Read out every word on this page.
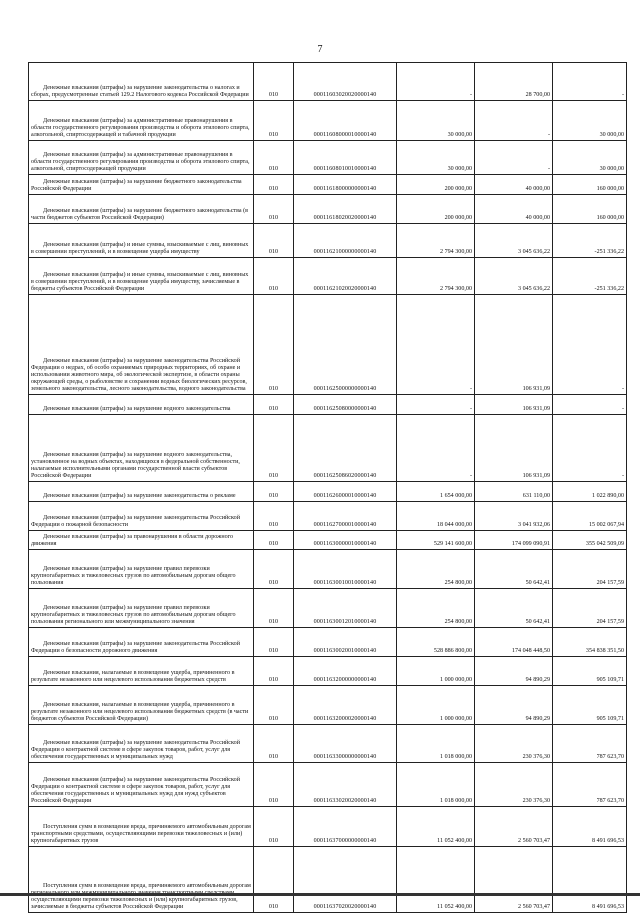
7
Денежные взыскания (штрафы) за нарушение законодательства о налогах и сборах, предусмотренные статьей 129.2 Налогового кодекса Российской Федерации	010	00011603020020000140	-	28 700,00	-
Денежные взыскания (штрафы) за административные правонарушения в области государственного регулирования производства и оборота этилового спирта, алкогольной, спиртосодержащей и табачной продукции	010	00011608000010000140	30 000,00	-	30 000,00
Денежные взыскания (штрафы) за административные правонарушения в области государственного регулирования производства и оборота этилового спирта, алкогольной, спиртосодержащей продукции	010	00011608010010000140	30 000,00	-	30 000,00
Денежные взыскания (штрафы) за нарушение бюджетного законодательства Российской Федерации	010	00011618000000000140	200 000,00	40 000,00	160 000,00
Денежные взыскания (штрафы) за нарушение бюджетного законодательства (в части бюджетов субъектов Российской Федерации)	010	00011618020020000140	200 000,00	40 000,00	160 000,00
Денежные взыскания (штрафы) и иные суммы, взыскиваемые с лиц, виновных в совершении преступлений, и в возмещение ущерба имуществу	010	00011621000000000140	2 794 300,00	3 045 636,22	-251 336,22
Денежные взыскания (штрафы) и иные суммы, взыскиваемые с лиц, виновных в совершении преступлений, и в возмещение ущерба имуществу, зачисляемые в бюджеты субъектов Российской Федерации	010	00011621020020000140	2 794 300,00	3 045 636,22	-251 336,22
Денежные взыскания (штрафы) за нарушение законодательства Российской Федерации о недрах, об особо охраняемых природных территориях, об охране и использовании животного мира, об экологической экспертизе, в области охраны окружающей среды, о рыболовстве и сохранении водных биологических ресурсов, земельного законодательства, лесного законодательства, водного законодательства	010	00011625000000000140	-	106 931,09	-
Денежные взыскания (штрафы) за нарушение водного законодательства	010	00011625080000000140	-	106 931,09	-
Денежные взыскания (штрафы) за нарушение водного законодательства, установленное на водных объектах, находящихся в федеральной собственности, налагаемые исполнительными органами государственной власти субъектов Российской Федерации	010	00011625086020000140	-	106 931,09	-
Денежные взыскания (штрафы) за нарушение законодательства о рекламе	010	00011626000010000140	1 654 000,00	631 110,00	1 022 890,00
Денежные взыскания (штрафы) за нарушение законодательства Российской Федерации о пожарной безопасности	010	00011627000010000140	18 044 000,00	3 041 932,06	15 002 067,94
Денежные взыскания (штрафы) за правонарушения в области дорожного движения	010	00011630000010000140	529 141 600,00	174 099 090,91	355 042 509,09
Денежные взыскания (штрафы) за нарушение правил перевозки крупногабаритных и тяжеловесных грузов по автомобильным дорогам общего пользования	010	00011630010010000140	254 800,00	50 642,41	204 157,59
Денежные взыскания (штрафы) за нарушение правил перевозки крупногабаритных и тяжеловесных грузов по автомобильным дорогам общего пользования регионального или межмуниципального значения	010	00011630012010000140	254 800,00	50 642,41	204 157,59
Денежные взыскания (штрафы) за нарушение законодательства Российской Федерации о безопасности дорожного движения	010	00011630020010000140	528 886 800,00	174 048 448,50	354 838 351,50
Денежные взыскания, налагаемые в возмещение ущерба, причиненного в результате незаконного или нецелевого использования бюджетных средств	010	00011632000000000140	1 000 000,00	94 890,29	905 109,71
Денежные взыскания, налагаемые в возмещение ущерба, причиненного в результате незаконного или нецелевого использования бюджетных средств (в части бюджетов субъектов Российской Федерации)	010	00011632000020000140	1 000 000,00	94 890,29	905 109,71
Денежные взыскания (штрафы) за нарушение законодательства Российской Федерации о контрактной системе в сфере закупок товаров, работ, услуг для обеспечения государственных и муниципальных нужд	010	00011633000000000140	1 018 000,00	230 376,30	787 623,70
Денежные взыскания (штрафы) за нарушение законодательства Российской Федерации о контрактной системе в сфере закупок товаров, работ, услуг для обеспечения государственных и муниципальных нужд для нужд субъектов Российской Федерации	010	00011633020020000140	1 018 000,00	230 376,30	787 623,70
Поступления сумм в возмещение вреда, причиняемого автомобильным дорогам транспортными средствами, осуществляющими перевозки тяжеловесных и (или) крупногабаритных грузов	010	00011637000000000140	11 052 400,00	2 560 703,47	8 491 696,53
Поступления сумм в возмещение вреда, причиняемого автомобильным дорогам осуществляющими перевозки тяжеловесных и (или) крупногабаритных грузов, зачисляемые в бюджеты субъектов Российской Федерации	010	00011637020020000140	11 052 400,00	2 560 703,47	8 491 696,53
